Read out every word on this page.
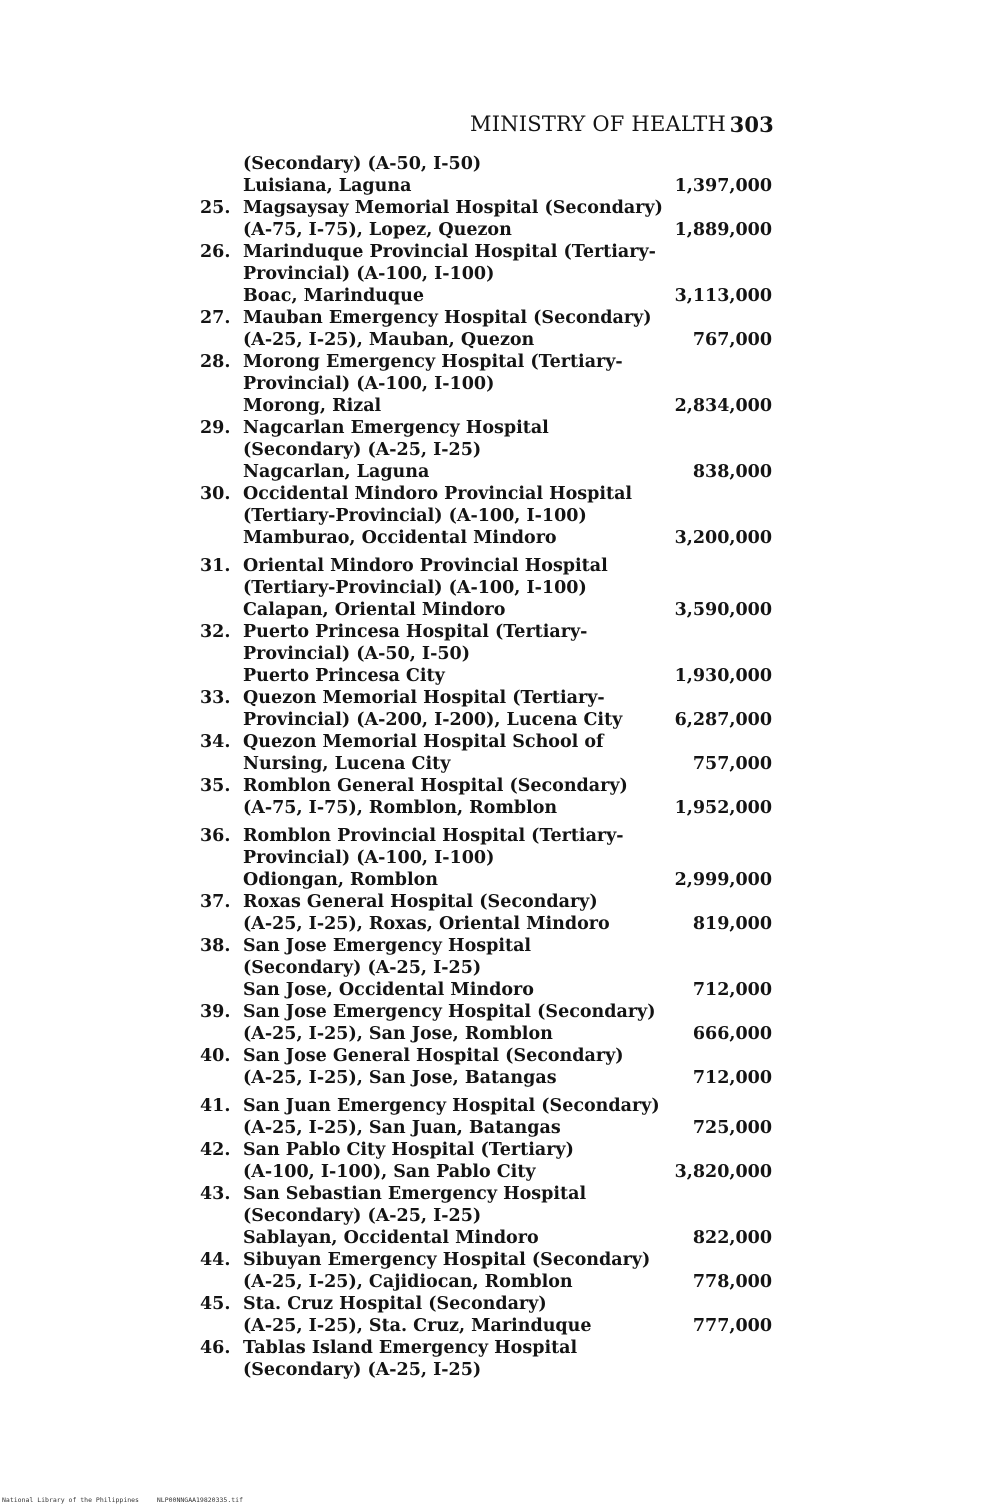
MINISTRY OF HEALTH 303
(Secondary) (A-50, I-50)
Luisiana, Laguna	1,397,000
25. Magsaysay Memorial Hospital (Secondary)
(A-75, I-75), Lopez, Quezon	1,889,000
26. Marinduque Provincial Hospital (Tertiary-
Provincial) (A-100, I-100)
Boac, Marinduque	3,113,000
27. Mauban Emergency Hospital (Secondary)
(A-25, I-25), Mauban, Quezon	767,000
28. Morong Emergency Hospital (Tertiary-
Provincial) (A-100, I-100)
Morong, Rizal	2,834,000
29. Nagcarlan Emergency Hospital
(Secondary) (A-25, I-25)
Nagcarlan, Laguna	838,000
30. Occidental Mindoro Provincial Hospital
(Tertiary-Provincial) (A-100, I-100)
Mamburao, Occidental Mindoro	3,200,000
31. Oriental Mindoro Provincial Hospital
(Tertiary-Provincial) (A-100, I-100)
Calapan, Oriental Mindoro	3,590,000
32. Puerto Princesa Hospital (Tertiary-
Provincial) (A-50, I-50)
Puerto Princesa City	1,930,000
33. Quezon Memorial Hospital (Tertiary-
Provincial) (A-200, I-200), Lucena City	6,287,000
34. Quezon Memorial Hospital School of
Nursing, Lucena City	757,000
35. Romblon General Hospital (Secondary)
(A-75, I-75), Romblon, Romblon	1,952,000
36. Romblon Provincial Hospital (Tertiary-
Provincial) (A-100, I-100)
Odiongan, Romblon	2,999,000
37. Roxas General Hospital (Secondary)
(A-25, I-25), Roxas, Oriental Mindoro	819,000
38. San Jose Emergency Hospital
(Secondary) (A-25, I-25)
San Jose, Occidental Mindoro	712,000
39. San Jose Emergency Hospital (Secondary)
(A-25, I-25), San Jose, Romblon	666,000
40. San Jose General Hospital (Secondary)
(A-25, I-25), San Jose, Batangas	712,000
41. San Juan Emergency Hospital (Secondary)
(A-25, I-25), San Juan, Batangas	725,000
42. San Pablo City Hospital (Tertiary)
(A-100, I-100), San Pablo City	3,820,000
43. San Sebastian Emergency Hospital
(Secondary) (A-25, I-25)
Sablayan, Occidental Mindoro	822,000
44. Sibuyan Emergency Hospital (Secondary)
(A-25, I-25), Cajidiocan, Romblon	778,000
45. Sta. Cruz Hospital (Secondary)
(A-25, I-25), Sta. Cruz, Marinduque	777,000
46. Tablas Island Emergency Hospital
(Secondary) (A-25, I-25)
National Library of the Philippines	NLP00NNGAA19820335.tif
